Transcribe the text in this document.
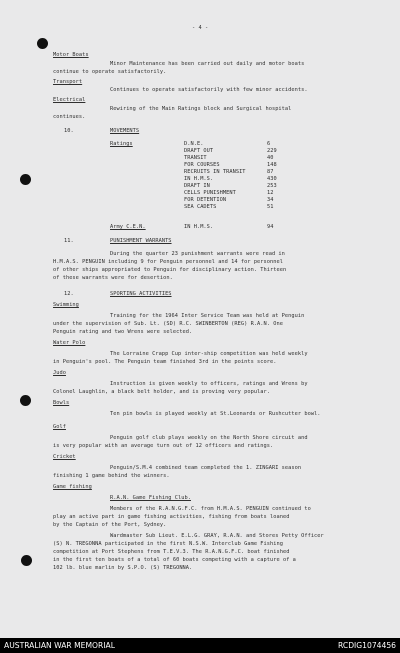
- 4 -
Motor Boats
Minor Maintenance has been carried out daily and motor boats
continue to operate satisfactorily.
Transport
Continues to operate satisfactorily with few minor accidents.
Electrical
Rewiring of the Main Ratings block and Surgical hospital
continues.
10.	MOVEMENTS
Ratings	D.N.E.	6
DRAFT OUT	229
TRANSIT	40
FOR COURSES	148
RECRUITS IN TRANSIT	87
IN H.M.S.	430
DRAFT IN	253
CELLS PUNISHMENT	12
FOR DETENTION	34
SEA CADETS	51
Army C.E.N.	IN H.M.S.	94
11.	PUNISHMENT WARRANTS
During the quarter 23 punishment warrants were read in
H.M.A.S. PENGUIN including 9 for Penguin personnel and 14 for personnel
of other ships appropriated to Penguin for disciplinary action. Thirteen
of these warrants were for desertion.
12.	SPORTING ACTIVITIES
Swimming
Training for the 1964 Inter Service Team was held at Penguin
under the supervision of Sub. Lt. (SD) R.C. SWINBERTON (REG) R.A.N. One
Penguin rating and two Wrens were selected.
Water Polo
The Lorraine Crapp Cup inter-ship competition was held weekly
in Penguin's pool. The Penguin team finished 3rd in the points score.
Judo
Instruction is given weekly to officers, ratings and Wrens by
Colonel Laughlin, a black belt holder, and is proving very popular.
Bowls
Ten pin bowls is played weekly at St.Leonards or Rushcutter bowl.
Golf
Penguin golf club plays weekly on the North Shore circuit and
is very popular with an average turn out of 12 officers and ratings.
Cricket
Penguin/S.M.4 combined team completed the 1. ZINGARI season
finishing 1 game behind the winners.
Game fishing
R.A.N. Game Fishing Club.
Members of the R.A.N.G.F.C. from H.M.A.S. PENGUIN continued to
play an active part in game fishing activities, fishing from boats loaned
by the Captain of the Port, Sydney.
Wardmaster Sub Lieut. E.L.G. GRAY, R.A.N. and Stores Petty Officer
(S) N. TREGONNA participated in the first N.S.W. Interclub Game Fishing
competition at Port Stephens from T.E.V.3. The R.A.N.G.F.C. boat finished
in the first ten boats of a total of 60 boats competing with a capture of a
102 lb. blue marlin by S.P.O. (S) TREGONNA.
AUSTRALIAN WAR MEMORIAL	RCDIG1074456
